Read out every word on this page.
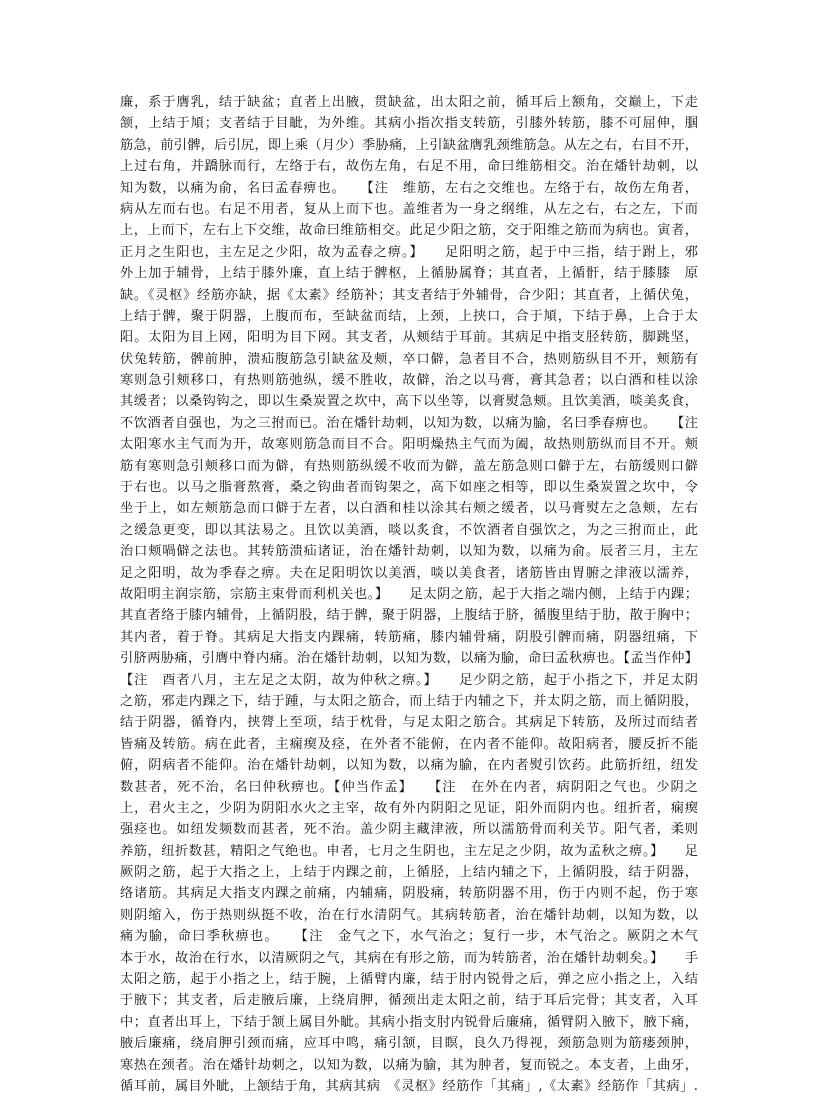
廉，系于膺乳，结于缺盆；直者上出腋，贯缺盆，出太阳之前，循耳后上额角，交巅上，下走
颔，上结于頄；支者结于目眦，为外维。其病小指次指支转筋，引膝外转筋，膝不可屈伸，腘
筋急，前引髀，后引尻，即上乘（月少）季胁痛，上引缺盆膺乳颈维筋急。从左之右，右目不开，
上过右角，并蹻脉而行，左络于右，故伤左角，右足不用，命曰维筋相交。治在燔针劫刺，以
知为数，以痛为俞，名曰孟春痹也。　　【注　维筋，左右之交维也。左络于右，故伤左角者，
病从左而右也。右足不用者，复从上而下也。盖维者为一身之纲维，从左之右，右之左，下而
上，上而下，左右上下交维，故命曰维筋相交。此足少阳之筋，交于阳维之筋而为病也。寅者，
正月之生阳也，主左足之少阳，故为孟春之痹。】　　足阳明之筋，起于中三指，结于跗上，邪
外上加于辅骨，上结于膝外廉，直上结于髀枢，上循胁属脊；其直者，上循骭，结于膝膝　原
缺。《灵枢》经筋亦缺，据《太素》经筋补；其支者结于外辅骨，合少阳；其直者，上循伏兔，
上结于髀，聚于阴器，上腹而布，至缺盆而结，上颈，上挟口，合于頄，下结于鼻，上合于太
阳。太阳为目上网，阳明为目下网。其支者，从颊结于耳前。其病足中指支胫转筋，脚跳坚，
伏兔转筋，髀前肿，溃疝腹筋急引缺盆及颊，卒口僻，急者目不合，热则筋纵目不开，颊筋有
寒则急引颊移口，有热则筋弛纵，缓不胜收，故僻，治之以马膏，膏其急者；以白酒和桂以涂
其缓者；以桑钩钩之，即以生桑炭置之坎中，高下以坐等，以膏熨急颊。且饮美酒，啖美炙食，
不饮酒者自强也，为之三拊而已。治在燔针劫刺，以知为数，以痛为腧，名曰季春痹也。　　【注
太阳寒水主气而为开，故寒则筋急而目不合。阳明燥热主气而为阖，故热则筋纵而目不开。颊
筋有寒则急引颊移口而为僻，有热则筋纵缓不收而为僻，盖左筋急则口僻于左，右筋缓则口僻
于右也。以马之脂膏熬膏，桑之钩曲者而钩架之，高下如座之相等，即以生桑炭置之坎中，令
坐于上，如左颊筋急而口僻于左者，以白酒和桂以涂其右颊之缓者，以马膏熨左之急颊，左右
之缓急更变，即以其法易之。且饮以美酒，啖以炙食，不饮酒者自强饮之，为之三拊而止，此
治口颊喎僻之法也。其转筋溃疝诸证，治在燔针劫刺，以知为数，以痛为俞。辰者三月，主左
足之阳明，故为季春之痹。夫在足阳明饮以美酒，啖以美食者，诸筋皆由胃腑之津液以濡养，
故阳明主润宗筋，宗筋主束骨而利机关也。】　　足太阴之筋，起于大指之端内侧，上结于内踝；
其直者络于膝内辅骨，上循阴股，结于髀，聚于阴器，上腹结于脐，循腹里结于肋，散于胸中；
其内者，着于脊。其病足大指支内踝痛，转筋痛，膝内辅骨痛，阴股引髀而痛，阴器纽痛，下
引脐两胁痛，引膺中脊内痛。治在燔针劫刺，以知为数，以痛为腧，命曰孟秋痹也。【孟当作仲】
【注　酉者八月，主左足之太阴，故为仲秋之痹。】　　足少阴之筋，起于小指之下，并足太阴
之筋，邪走内踝之下，结于踵，与太阳之筋合，而上结于内辅之下，并太阴之筋，而上循阴股，
结于阴器，循脊内，挟膂上至项，结于枕骨，与足太阳之筋合。其病足下转筋，及所过而结者
皆痛及转筋。病在此者，主痫瘈及痉，在外者不能俯，在内者不能仰。故阳病者，腰反折不能
俯，阴病者不能仰。治在燔针劫刺，以知为数，以痛为腧，在内者熨引饮药。此筋折纽，纽发
数甚者，死不治，名曰仲秋痹也。【仲当作孟】　　【注　在外在内者，病阴阳之气也。少阴之
上，君火主之，少阴为阴阳水火之主宰，故有外内阴阳之见证，阳外而阴内也。纽折者，痫瘈
强痉也。如纽发频数而甚者，死不治。盖少阴主藏津液，所以濡筋骨而利关节。阳气者，柔则
养筋，纽折数甚，精阳之气绝也。申者，七月之生阴也，主左足之少阴，故为孟秋之痹。】　　足
厥阴之筋，起于大指之上，上结于内踝之前，上循胫，上结内辅之下，上循阴股，结于阴器，
络诸筋。其病足大指支内踝之前痛，内辅痛，阴股痛，转筋阴器不用，伤于内则不起，伤于寒
则阴缩入，伤于热则纵挺不收，治在行水清阴气。其病转筋者，治在燔针劫刺，以知为数，以
痛为腧，命曰季秋痹也。　　【注　金气之下，水气治之；复行一步，木气治之。厥阴之木气
本于水，故治在行水，以清厥阴之气，其病在有形之筋，而为转筋者，治在燔针劫刺矣。】　　手
太阳之筋，起于小指之上，结于腕，上循臂内廉，结于肘内锐骨之后，弹之应小指之上，入结
于腋下；其支者，后走腋后廉，上绕肩胛，循颈出走太阳之前，结于耳后完骨；其支者，入耳
中；直者出耳上，下结于颔上属目外眦。其病小指支肘内锐骨后廉痛，循臂阴入腋下，腋下痛，
腋后廉痛，绕肩胛引颈而痛，应耳中鸣，痛引颔，目瞑，良久乃得视，颈筋急则为筋瘘颈肿，
寒热在颈者。治在燔针劫刺之，以知为数，以痛为腧，其为肿者，复而锐之。本支者，上曲牙，
循耳前，属目外眦，上颔结于角，其病其病　《灵枢》经筋作「其痛」,《太素》经筋作「其病」.
